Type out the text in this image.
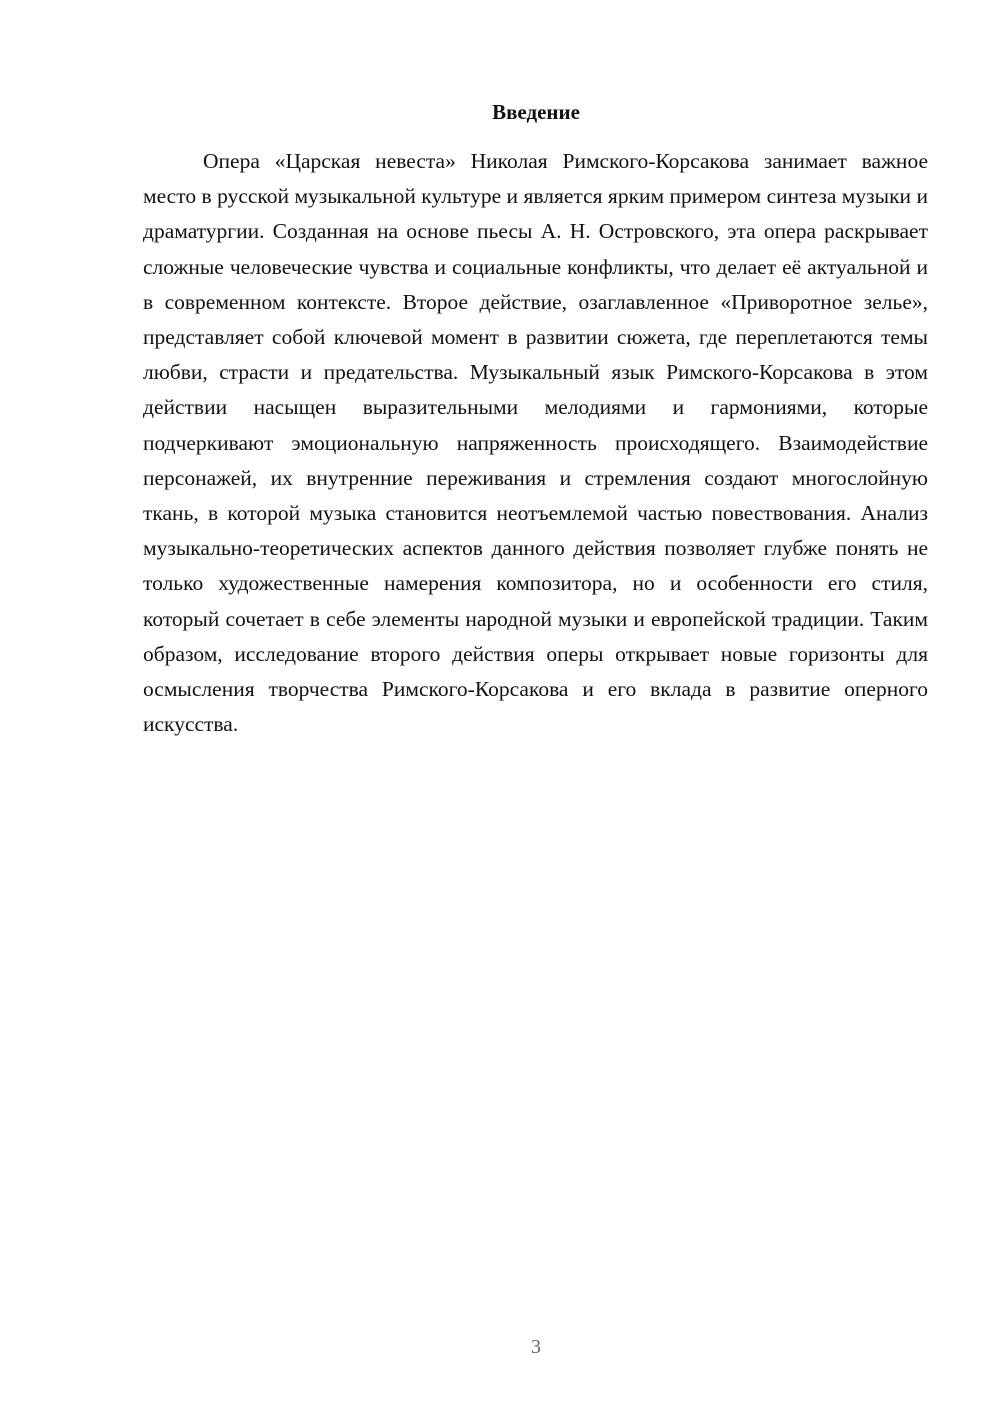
Введение

Опера «Царская невеста» Николая Римского-Корсакова занимает важное место в русской музыкальной культуре и является ярким примером синтеза музыки и драматургии. Созданная на основе пьесы А. Н. Островского, эта опера раскрывает сложные человеческие чувства и социальные конфликты, что делает её актуальной и в современном контексте. Второе действие, озаглавленное «Приворотное зелье», представляет собой ключевой момент в развитии сюжета, где переплетаются темы любви, страсти и предательства. Музыкальный язык Римского-Корсакова в этом действии насыщен выразительными мелодиями и гармониями, которые подчеркивают эмоциональную напряженность происходящего. Взаимодействие персонажей, их внутренние переживания и стремления создают многослойную ткань, в которой музыка становится неотъемлемой частью повествования. Анализ музыкально-теоретических аспектов данного действия позволяет глубже понять не только художественные намерения композитора, но и особенности его стиля, который сочетает в себе элементы народной музыки и европейской традиции. Таким образом, исследование второго действия оперы открывает новые горизонты для осмысления творчества Римского-Корсакова и его вклада в развитие оперного искусства.

3
